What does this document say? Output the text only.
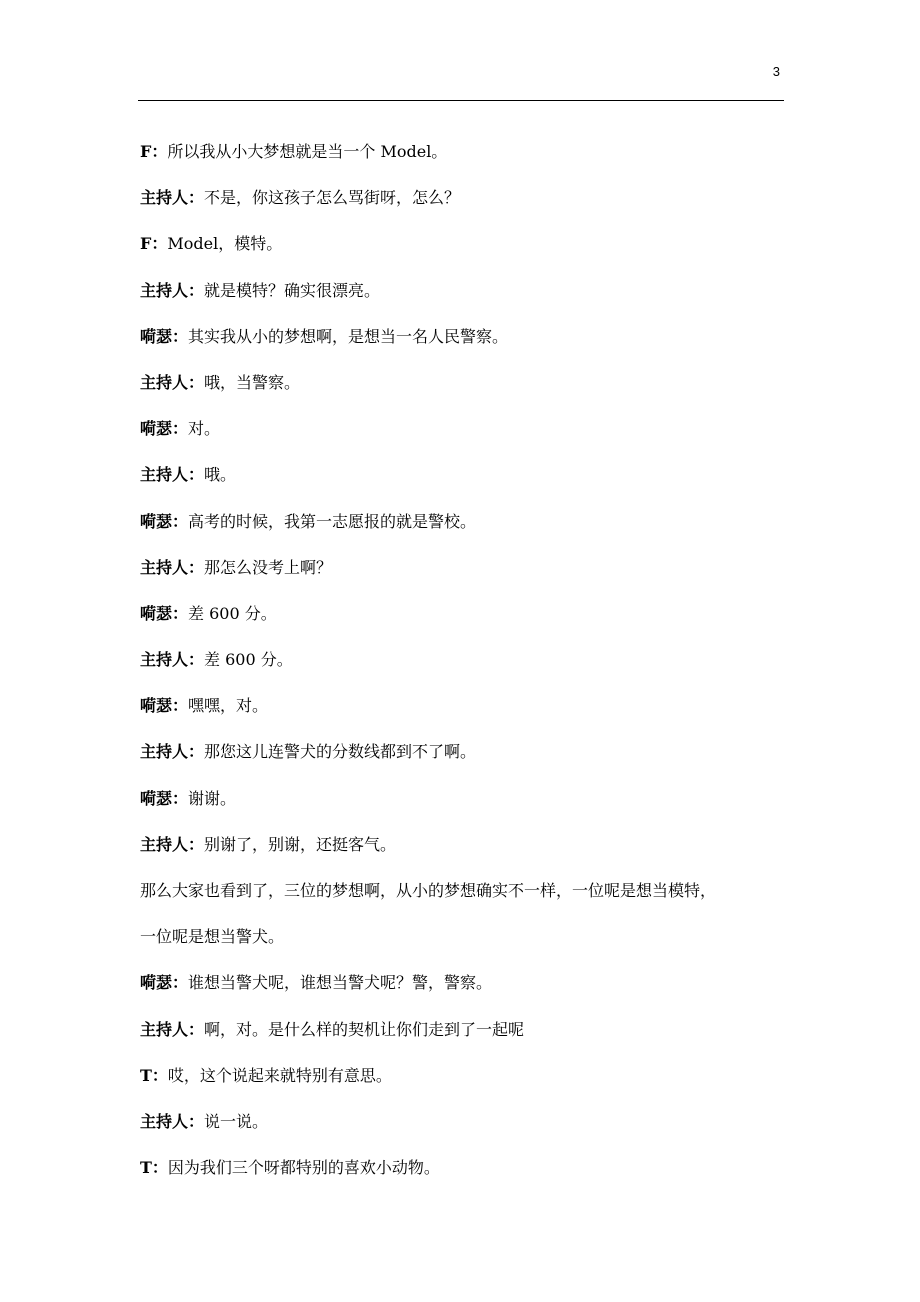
3
F：所以我从小大梦想就是当一个 Model。
主持人：不是，你这孩子怎么骂街呀，怎么？
F：Model，模特。
主持人：就是模特？确实很漂亮。
嗬瑟：其实我从小的梦想啊，是想当一名人民警察。
主持人：哦，当警察。
嗬瑟：对。
主持人：哦。
嗬瑟：高考的时候，我第一志愿报的就是警校。
主持人：那怎么没考上啊？
嗬瑟：差 600 分。
主持人：差 600 分。
嗬瑟：嘿嘿，对。
主持人：那您这儿连警犬的分数线都到不了啊。
嗬瑟：谢谢。
主持人：别谢了，别谢，还挺客气。
那么大家也看到了，三位的梦想啊，从小的梦想确实不一样，一位呢是想当模特，
一位呢是想当警犬。
嗬瑟：谁想当警犬呢，谁想当警犬呢？警，警察。
主持人：啊，对。是什么样的契机让你们走到了一起呢
T：哎，这个说起来就特别有意思。
主持人：说一说。
T：因为我们三个呀都特别的喜欢小动物。
